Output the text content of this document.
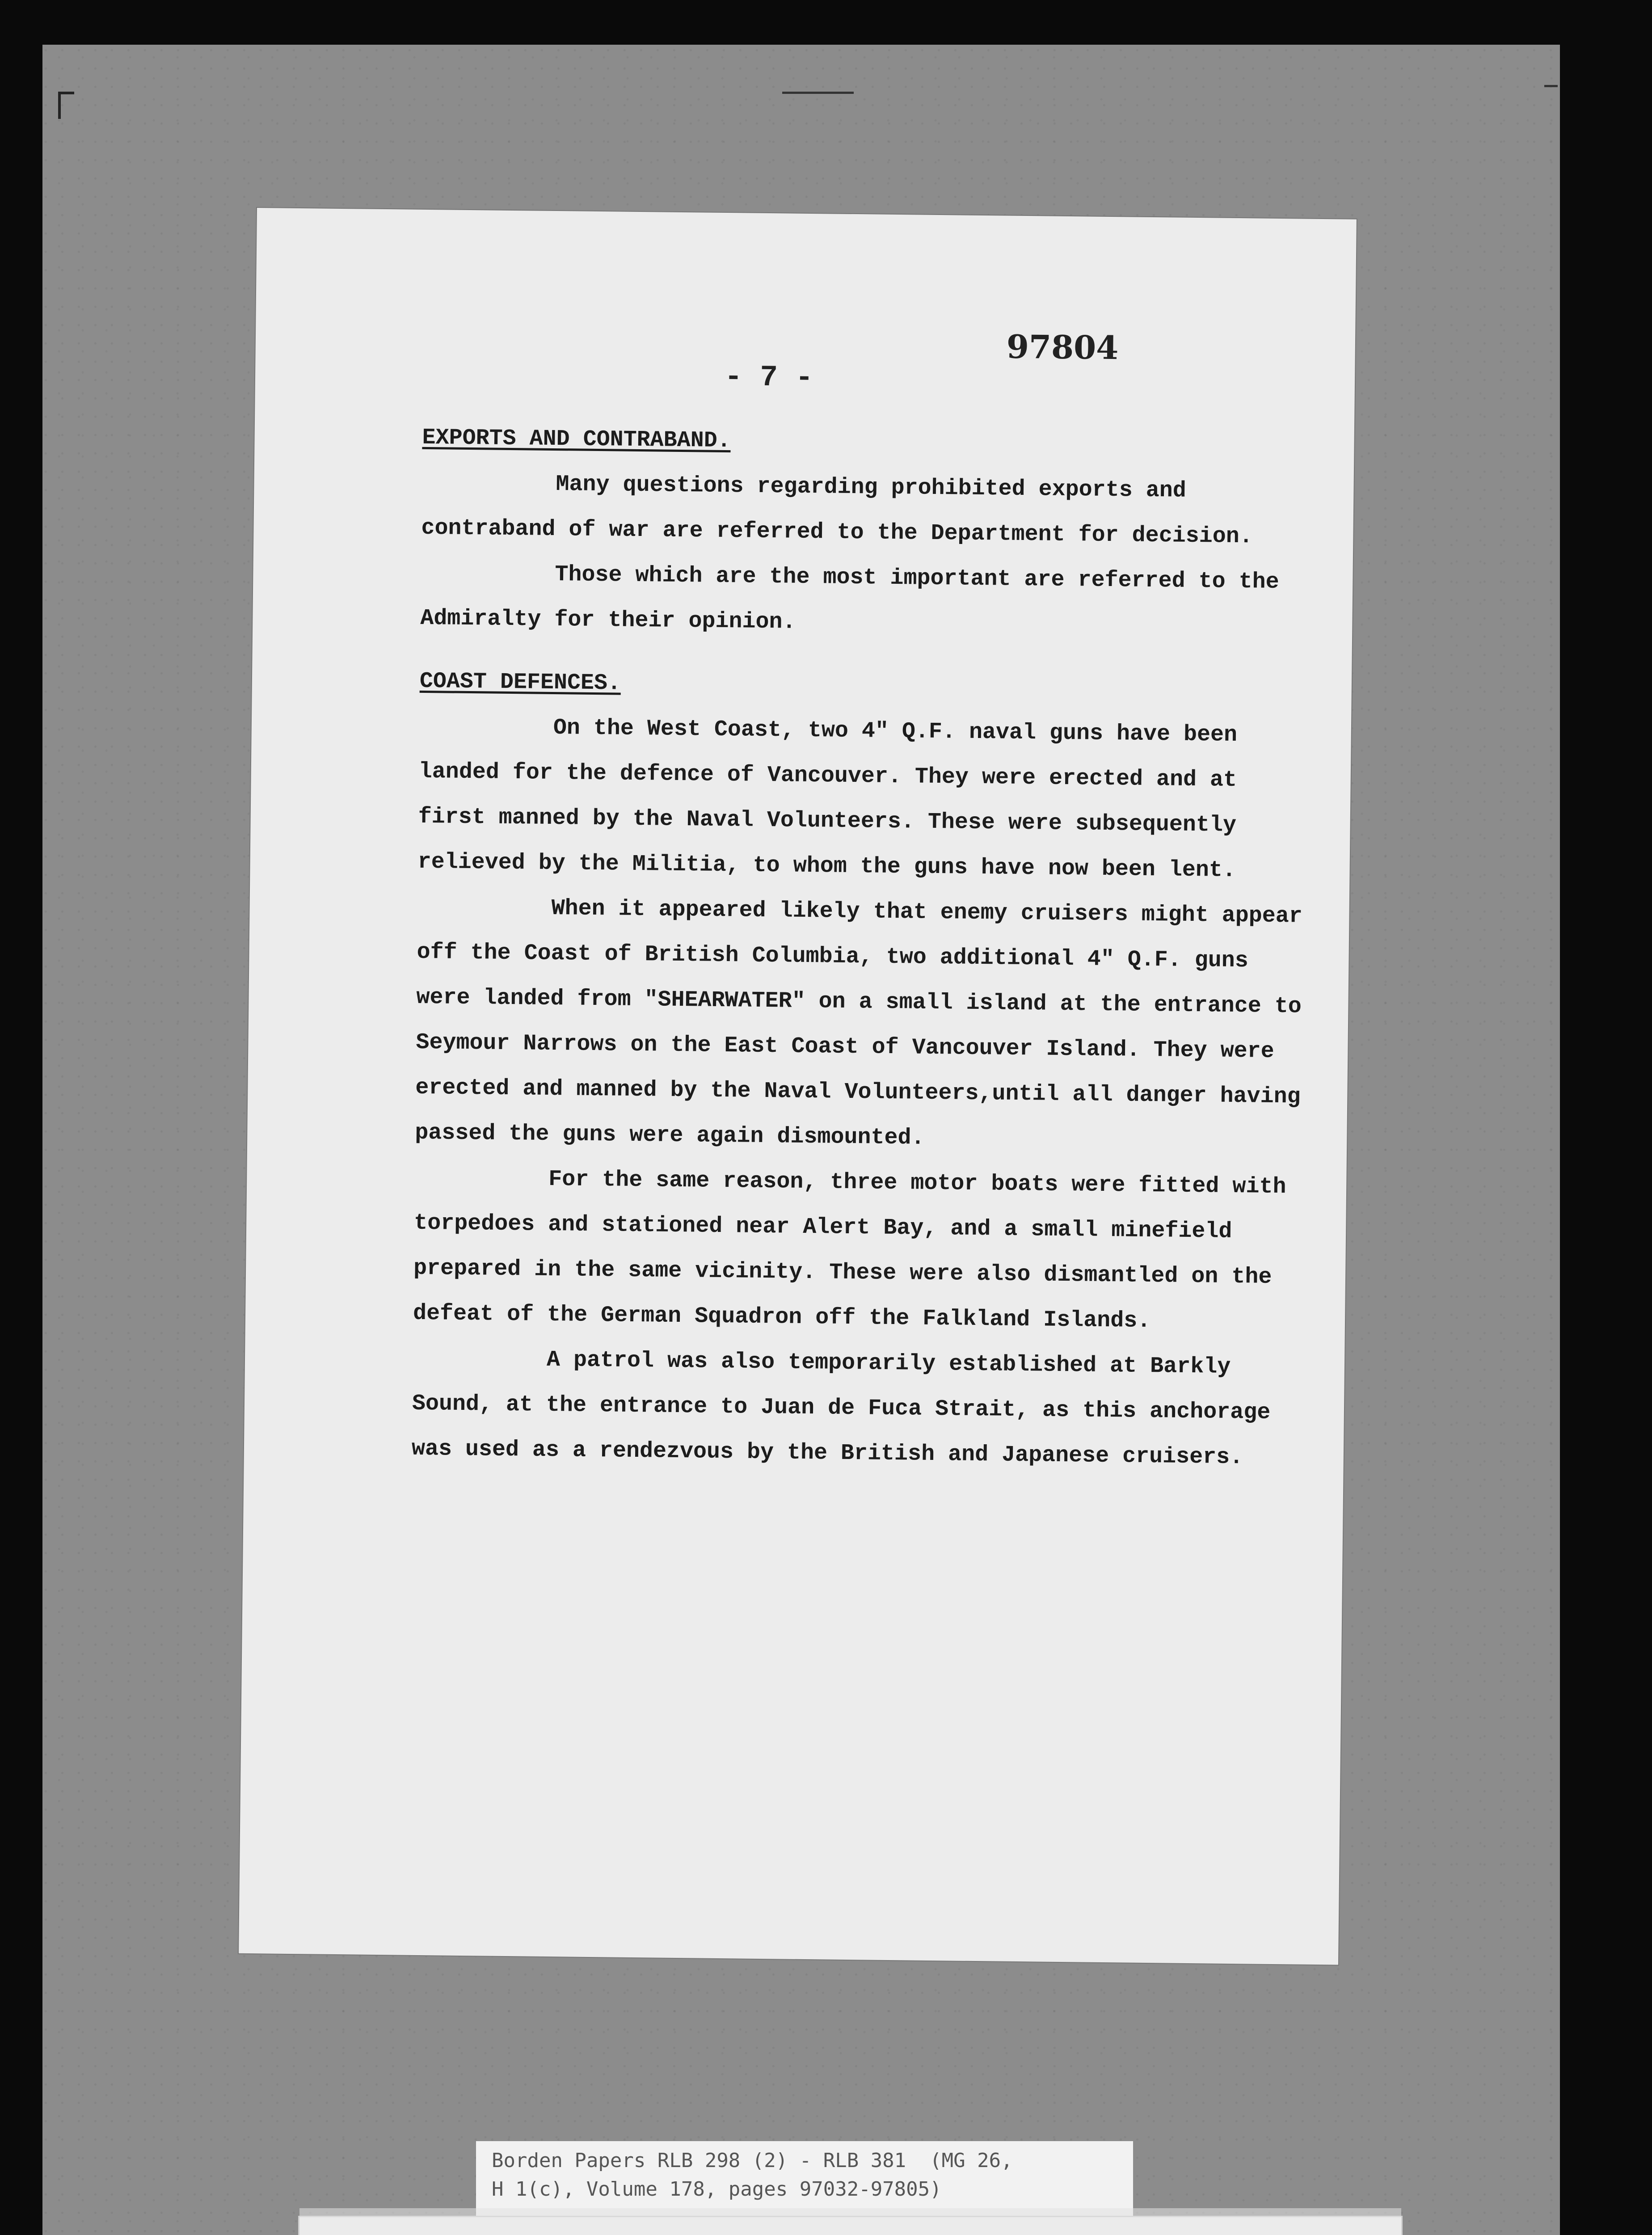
97804
- 7 -
EXPORTS AND CONTRABAND.

Many questions regarding prohibited exports and contraband of war are referred to the Department for decision.

Those which are the most important are referred to the Admiralty for their opinion.

COAST DEFENCES.

On the West Coast, two 4" Q.F. naval guns have been landed for the defence of Vancouver. They were erected and at first manned by the Naval Volunteers. These were subsequently relieved by the Militia, to whom the guns have now been lent.

When it appeared likely that enemy cruisers might appear off the Coast of British Columbia, two additional 4" Q.F. guns were landed from "SHEARWATER" on a small island at the entrance to Seymour Narrows on the East Coast of Vancouver Island. They were erected and manned by the Naval Volunteers,until all danger having passed the guns were again dismounted.

For the same reason, three motor boats were fitted with torpedoes and stationed near Alert Bay, and a small minefield prepared in the same vicinity. These were also dismantled on the defeat of the German Squadron off the Falkland Islands.

A patrol was also temporarily established at Barkly Sound, at the entrance to Juan de Fuca Strait, as this anchorage was used as a rendezvous by the British and Japanese cruisers.

Borden Papers RLB 298 (2) - RLB 381  (MG 26,
H 1(c), Volume 178, pages 97032-97805)
